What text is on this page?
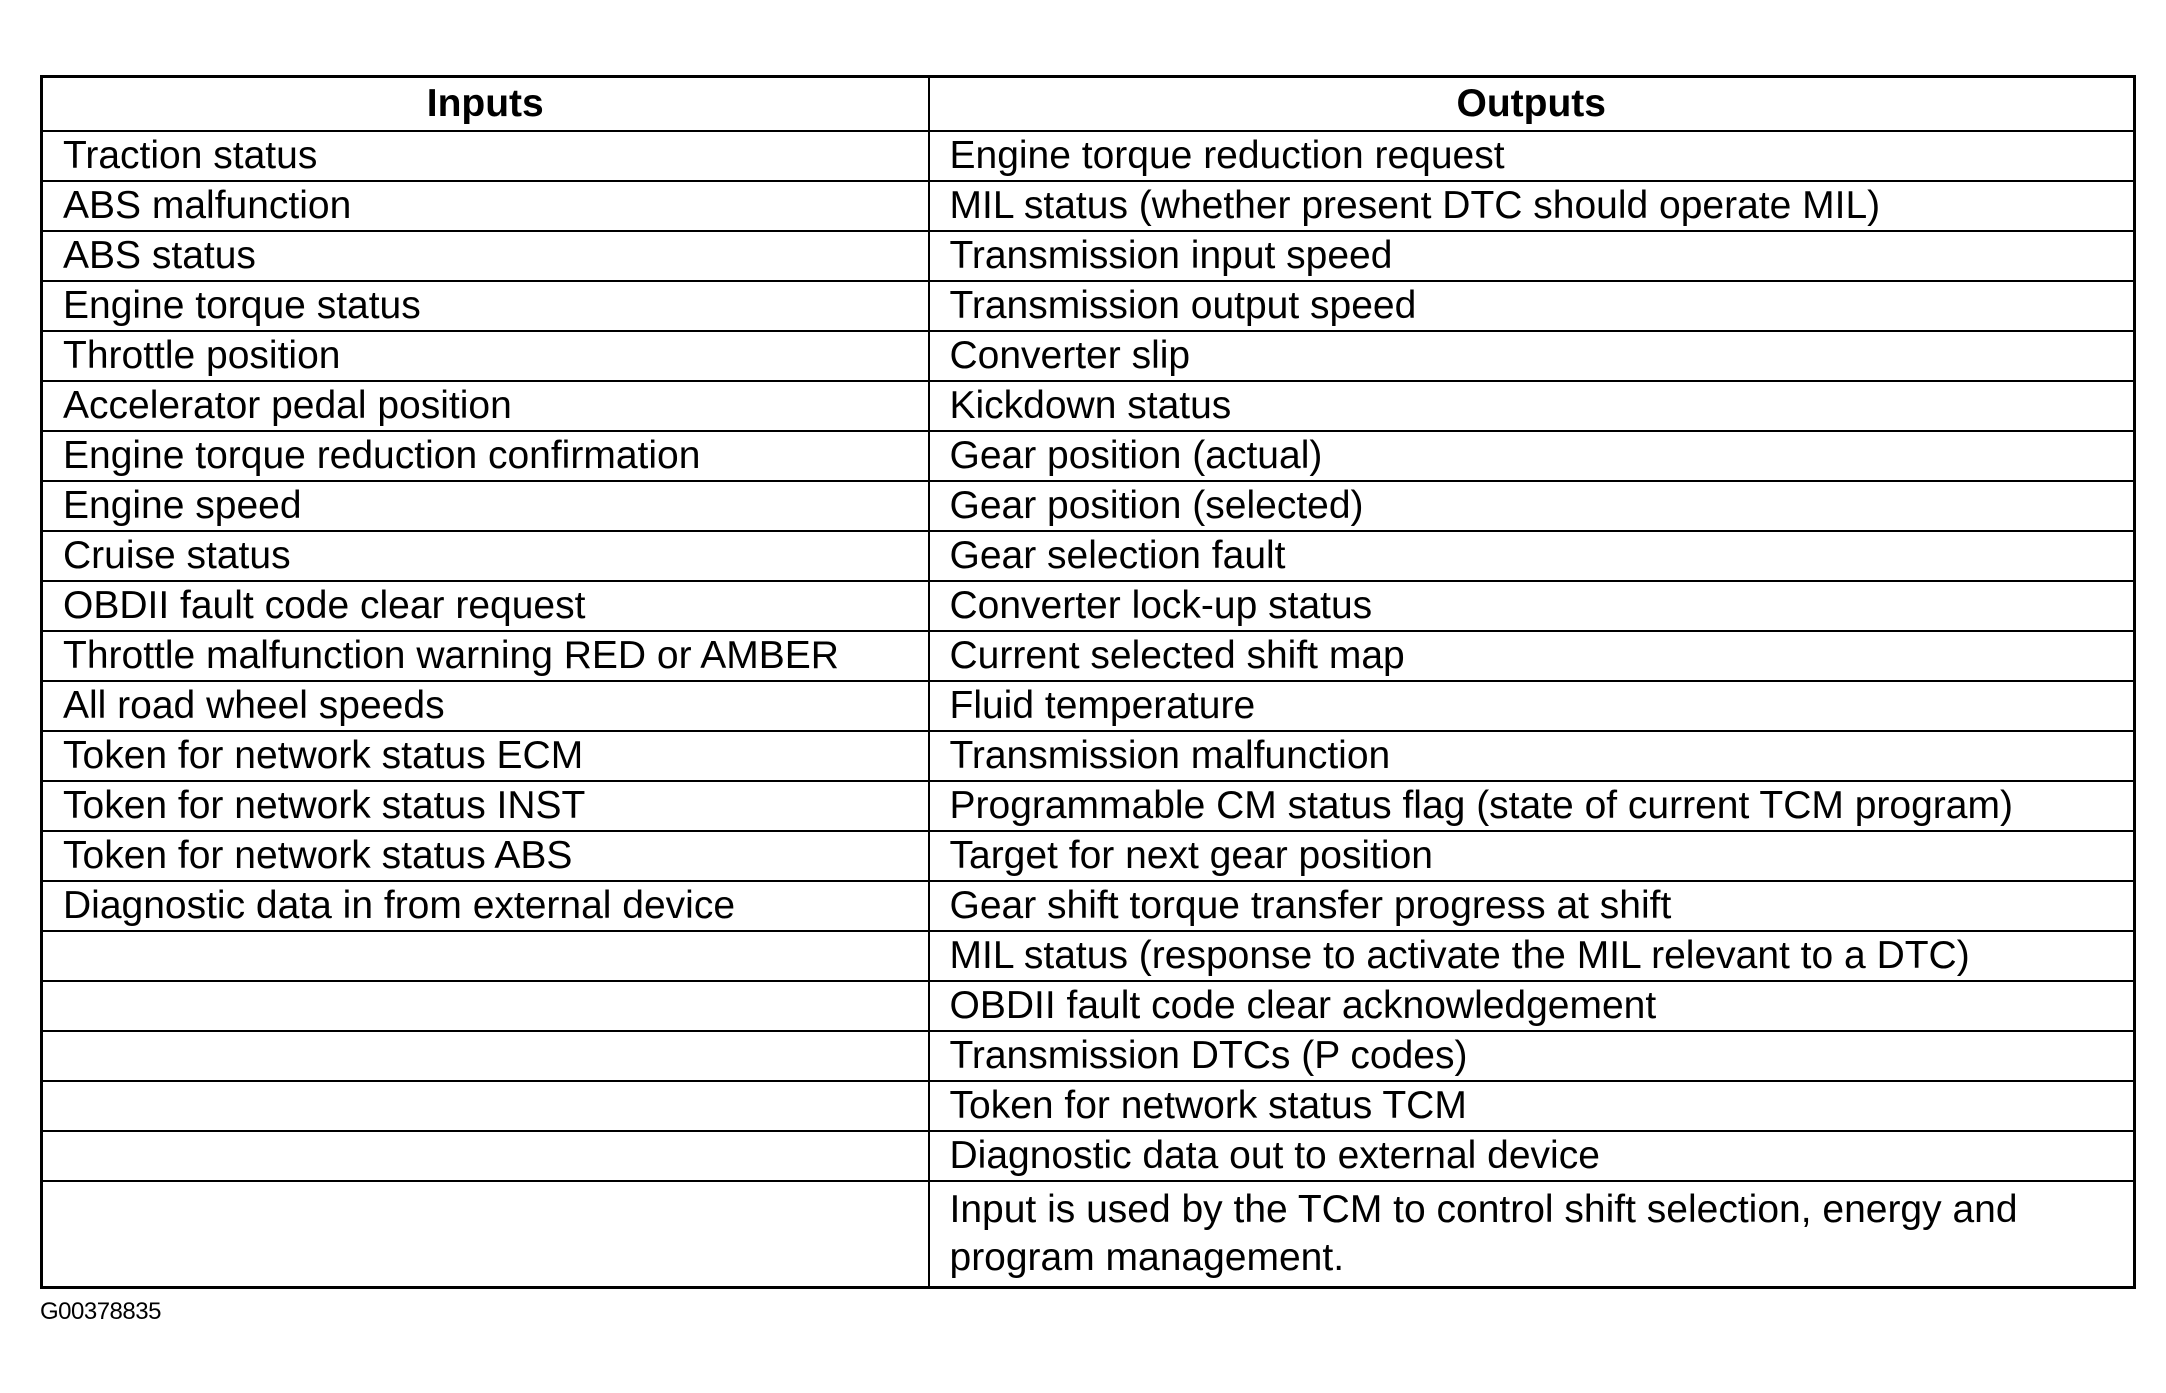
Inputs	Outputs
Traction status	Engine torque reduction request
ABS malfunction	MIL status (whether present DTC should operate MIL)
ABS status	Transmission input speed
Engine torque status	Transmission output speed
Throttle position	Converter slip
Accelerator pedal position	Kickdown status
Engine torque reduction confirmation	Gear position (actual)
Engine speed	Gear position (selected)
Cruise status	Gear selection fault
OBDII fault code clear request	Converter lock-up status
Throttle malfunction warning RED or AMBER	Current selected shift map
All road wheel speeds	Fluid temperature
Token for network status ECM	Transmission malfunction
Token for network status INST	Programmable CM status flag (state of current TCM program)
Token for network status ABS	Target for next gear position
Diagnostic data in from external device	Gear shift torque transfer progress at shift
	MIL status (response to activate the MIL relevant to a DTC)
	OBDII fault code clear acknowledgement
	Transmission DTCs (P codes)
	Token for network status TCM
	Diagnostic data out to external device
	Input is used by the TCM to control shift selection, energy and program management.
G00378835
